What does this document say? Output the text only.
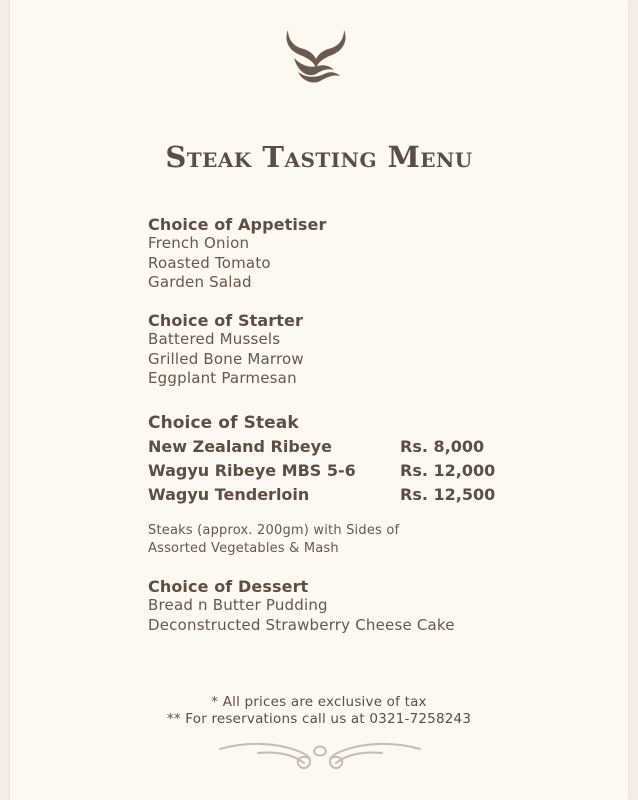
Steak Tasting Menu
Choice of Appetiser
French Onion
Roasted Tomato
Garden Salad
Choice of Starter
Battered Mussels
Grilled Bone Marrow
Eggplant Parmesan
Choice of Steak
New Zealand Ribeye	Rs. 8,000
Wagyu Ribeye MBS 5-6	Rs. 12,000
Wagyu Tenderloin	Rs. 12,500
Steaks (approx. 200gm) with Sides of
Assorted Vegetables & Mash
Choice of Dessert
Bread n Butter Pudding
Deconstructed Strawberry Cheese Cake
* All prices are exclusive of tax
** For reservations call us at 0321-7258243
